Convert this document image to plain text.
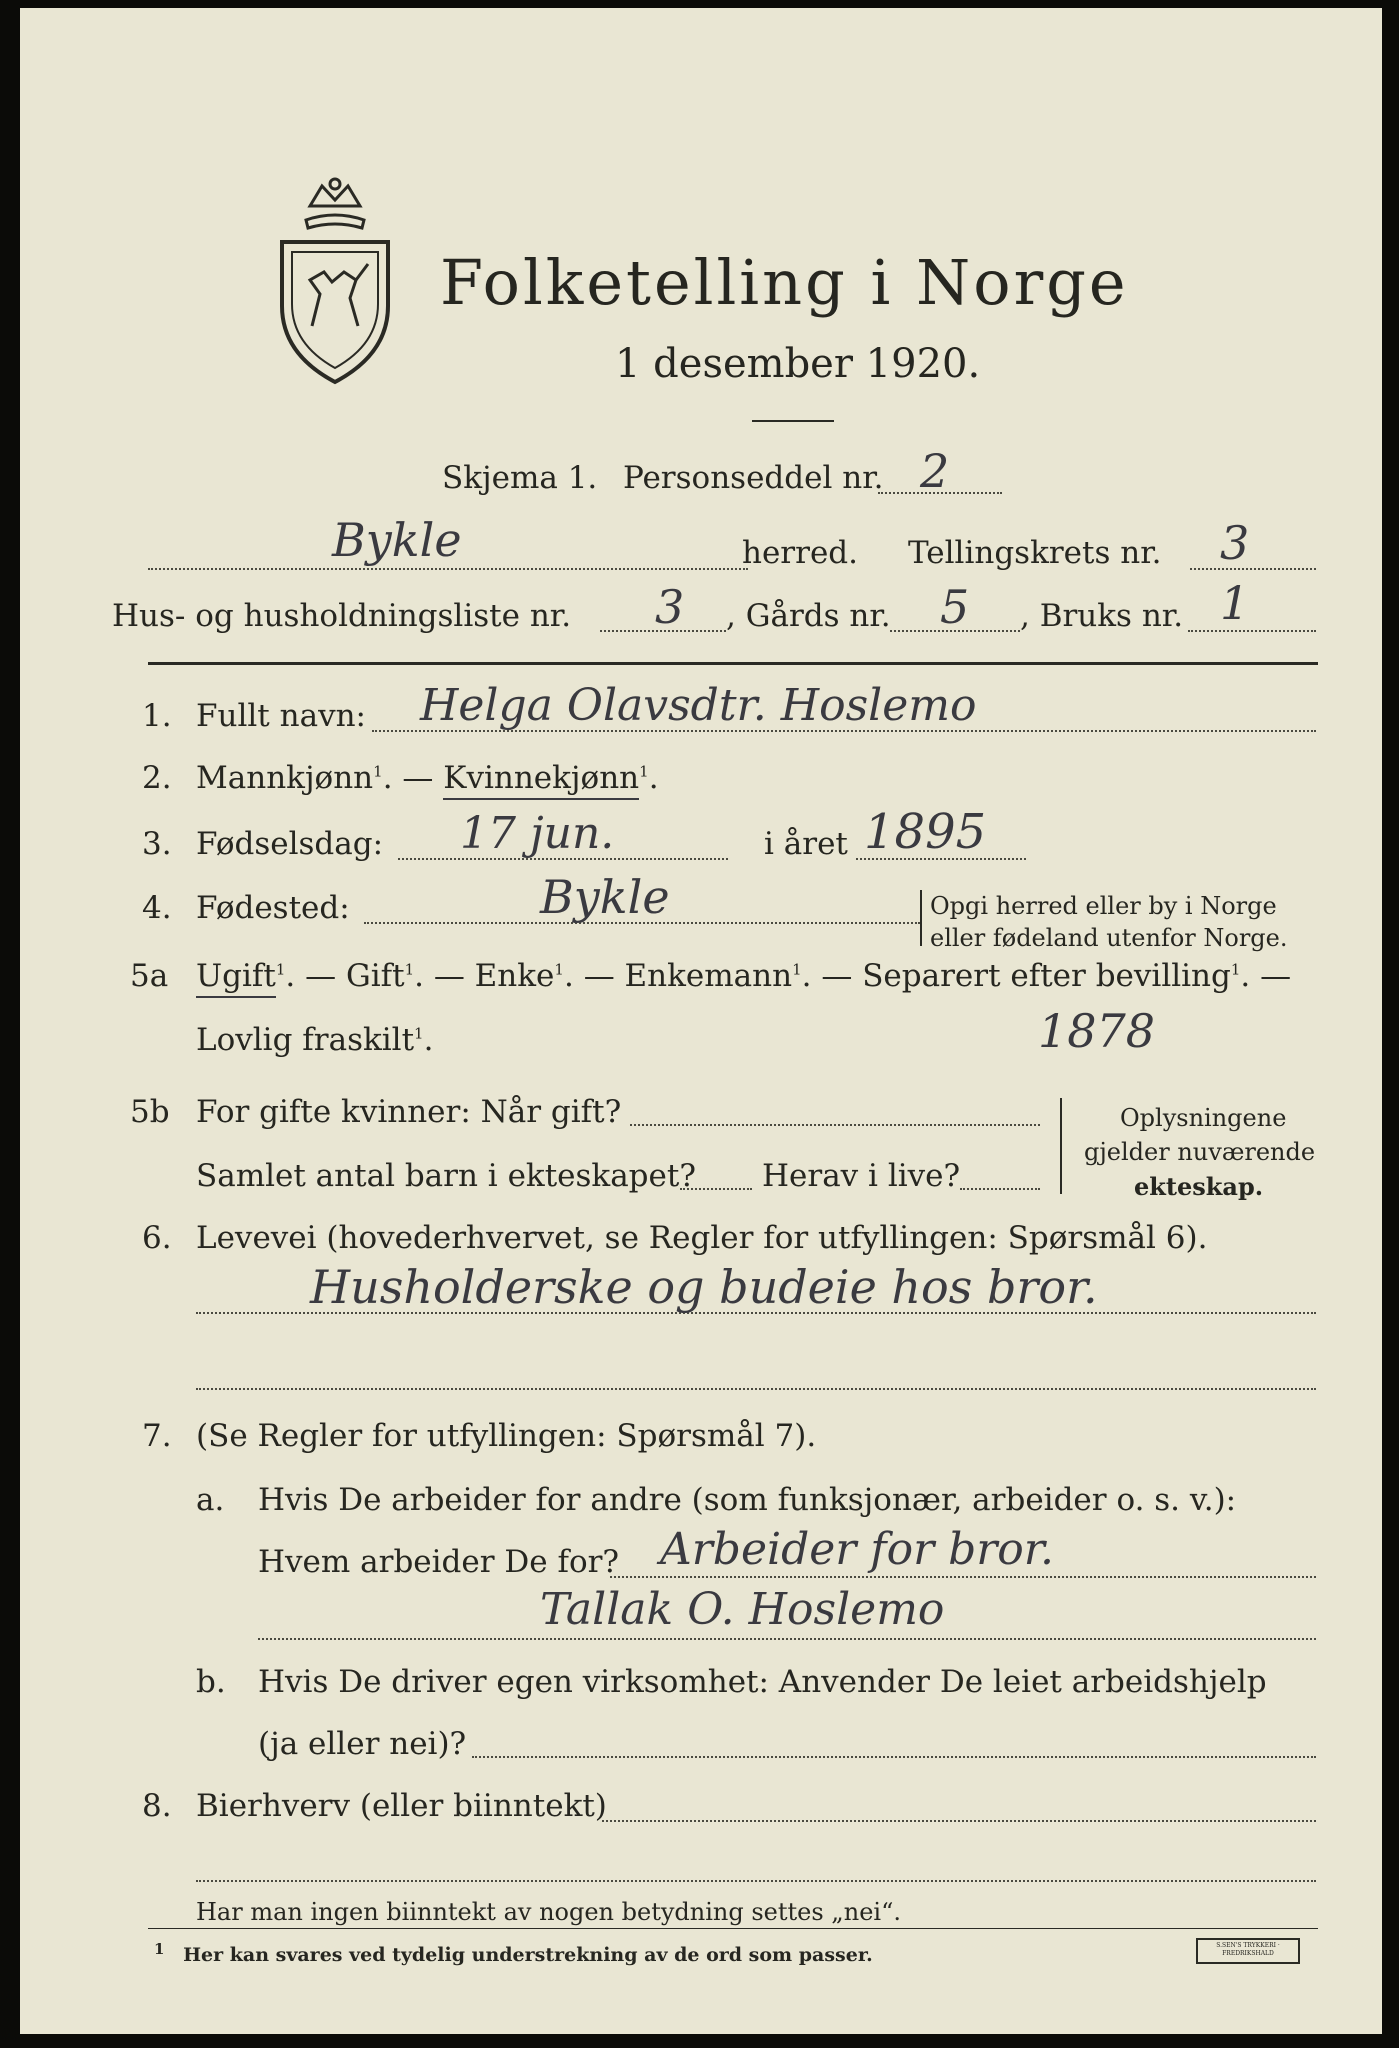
Folketelling i Norge
1 desember 1920.
Skjema 1. Personseddel nr. 2
Bykle	herred. Tellingskrets nr. 3
Hus- og husholdningsliste nr. 3 , Gårds nr. 5 , Bruks nr. 1
1. Fullt navn: Helga Olavsdtr. Hoslemo
2. Mannkjønn$^1$. — Kvinnekjønn$^1$.
3. Fødselsdag: 17 jun.	i året 1895
4. Fødested:	Bykle	Opgi herred eller by i Norge
eller fødeland utenfor Norge.
5a Ugift$^1$. — Gift$^1$. — Enke$^1$. — Enkemann$^1$. — Separert efter bevilling$^1$. —
Lovlig fraskilt$^1$.	1878
5b For gifte kvinner: Når gift?
Samlet antal barn i ekteskapet? Herav i live?
Oplysningene
gjelder nuværende
ekteskap.
6. Levevei (hovederhvervet, se Regler for utfyllingen: Spørsmål 6).
Husholderske og budeie hos bror.
7. (Se Regler for utfyllingen: Spørsmål 7).
a. Hvis De arbeider for andre (som funksjonær, arbeider o. s. v.):
Hvem arbeider De for? Arbeider for bror.
Tallak O. Hoslemo
b. Hvis De driver egen virksomhet: Anvender De leiet arbeidshjelp
(ja eller nei)?
8. Bierhverv (eller biinntekt)
Har man ingen biinntekt av nogen betydning settes „nei“.
$^1$ Her kan svares ved tydelig understrekning av de ord som passer.	S.SEN'S TRYKKERI · FREDRIKSHALD
